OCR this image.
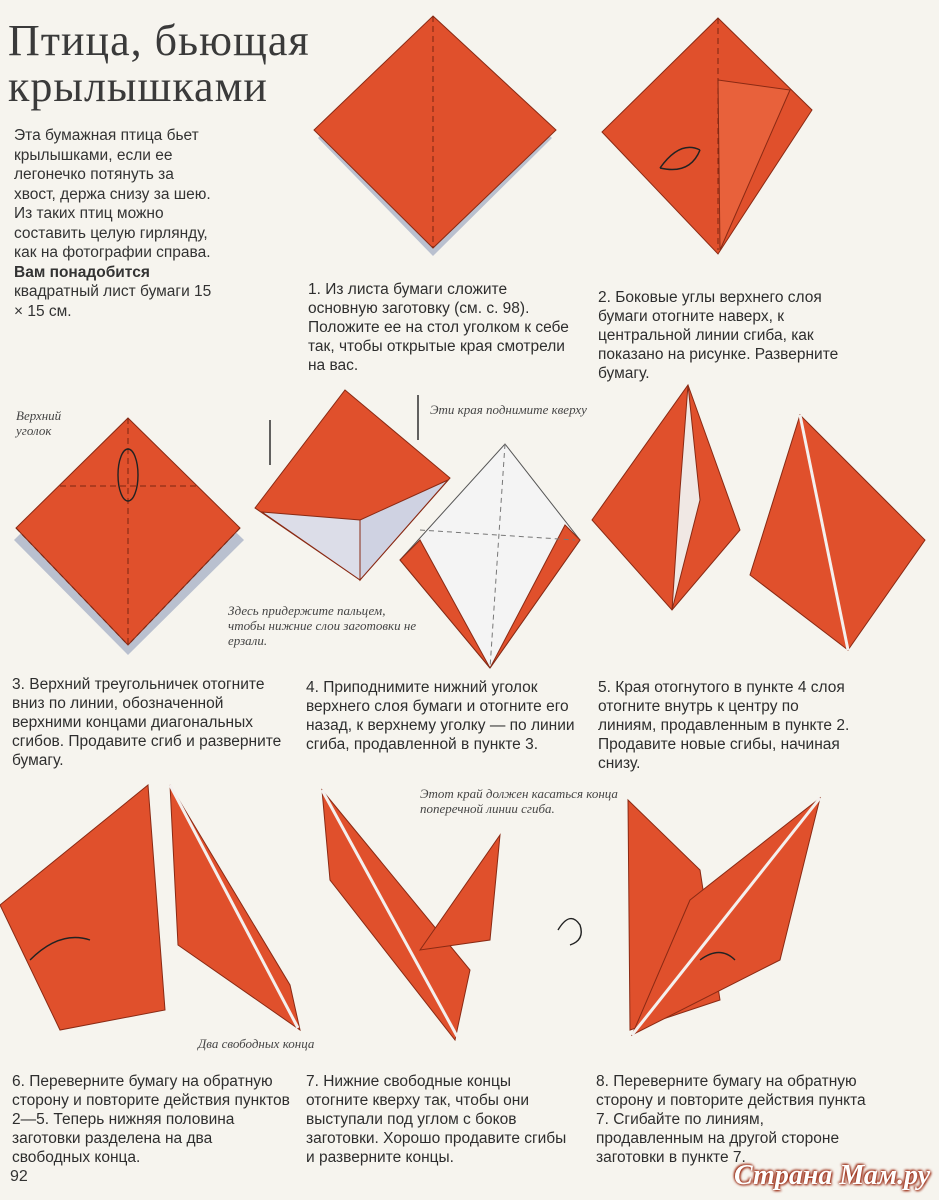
Птица, бьющая
крылышками
Эта бумажная птица бьет крылышками, если ее легонечко потянуть за хвост, держа снизу за шею. Из таких птиц можно составить целую гирлянду, как на фотографии справа.
Вам понадобится
квадратный лист бумаги 15 × 15 см.
1. Из листа бумаги сложите основную заготовку (см. с. 98). Положите ее на стол уголком к себе так, чтобы открытые края смотрели на вас.
2. Боковые углы верхнего слоя бумаги отогните наверх, к центральной линии сгиба, как показано на рисунке. Разверните бумагу.
3. Верхний треугольничек отогните вниз по линии, обозначенной верхними концами диагональных сгибов. Продавите сгиб и разверните бумагу.
4. Приподнимите нижний уголок верхнего слоя бумаги и отогните его назад, к верхнему уголку — по линии сгиба, продавленной в пункте 3.
5. Края отогнутого в пункте 4 слоя отогните внутрь к центру по линиям, продавленным в пункте 2. Продавите новые сгибы, начиная снизу.
6. Переверните бумагу на обратную сторону и повторите действия пунктов 2—5. Теперь нижняя половина заготовки разделена на два свободных конца.
7. Нижние свободные концы отогните кверху так, чтобы они выступали под углом с боков заготовки. Хорошо продавите сгибы и разверните концы.
8. Переверните бумагу на обратную сторону и повторите действия пункта 7. Сгибайте по линиям, продавленным на другой стороне заготовки в пункте 7.
Верхний уголок
Эти края поднимите кверху
Здесь придержите пальцем, чтобы нижние слои заготовки не ерзали.
Этот край должен касаться конца поперечной линии сгиба.
Два свободных конца
92	Страна Мам.ру
